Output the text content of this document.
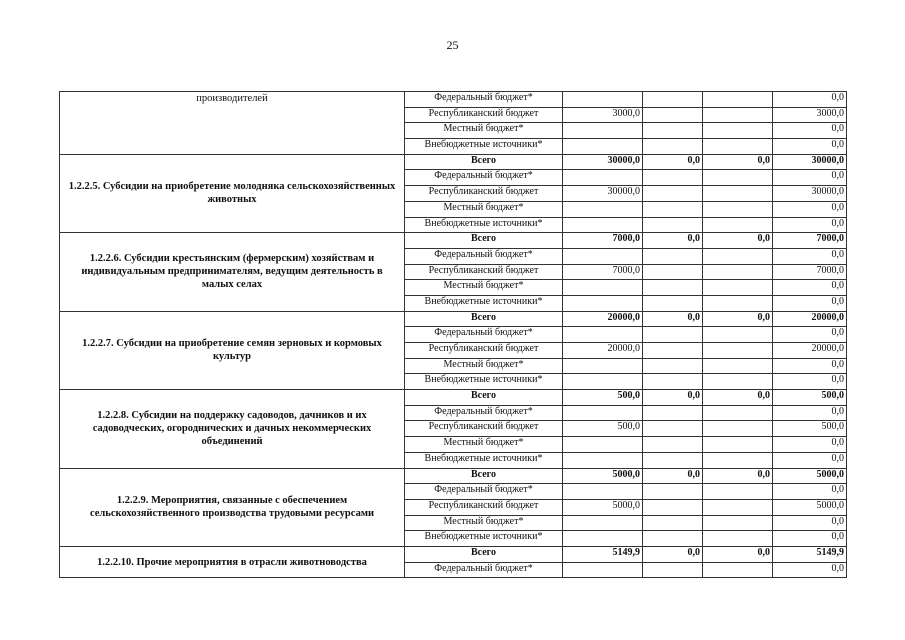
25
производителей	Федеральный бюджет*				0,0
	Республиканский бюджет	3000,0			3000,0
	Местный бюджет*				0,0
	Внебюджетные источники*				0,0
1.2.2.5. Субсидии на приобретение молодняка сельскохозяйственных животных	Всего	30000,0	0,0	0,0	30000,0
	Федеральный бюджет*				0,0
	Республиканский бюджет	30000,0			30000,0
	Местный бюджет*				0,0
	Внебюджетные источники*				0,0
1.2.2.6. Субсидии крестьянским (фермерским) хозяйствам и индивидуальным предпринимателям, ведущим деятельность в малых селах	Всего	7000,0	0,0	0,0	7000,0
	Федеральный бюджет*				0,0
	Республиканский бюджет	7000,0			7000,0
	Местный бюджет*				0,0
	Внебюджетные источники*				0,0
1.2.2.7. Субсидии на приобретение семян зерновых и кормовых культур	Всего	20000,0	0,0	0,0	20000,0
	Федеральный бюджет*				0,0
	Республиканский бюджет	20000,0			20000,0
	Местный бюджет*				0,0
	Внебюджетные источники*				0,0
1.2.2.8. Субсидии на поддержку садоводов, дачников и их садоводческих, огороднических и дачных некоммерческих объединений	Всего	500,0	0,0	0,0	500,0
	Федеральный бюджет*				0,0
	Республиканский бюджет	500,0			500,0
	Местный бюджет*				0,0
	Внебюджетные источники*				0,0
1.2.2.9. Мероприятия, связанные с обеспечением сельскохозяйственного производства трудовыми ресурсами	Всего	5000,0	0,0	0,0	5000,0
	Федеральный бюджет*				0,0
	Республиканский бюджет	5000,0			5000,0
	Местный бюджет*				0,0
	Внебюджетные источники*				0,0
1.2.2.10. Прочие мероприятия в отрасли животноводства	Всего	5149,9	0,0	0,0	5149,9
	Федеральный бюджет*				0,0
